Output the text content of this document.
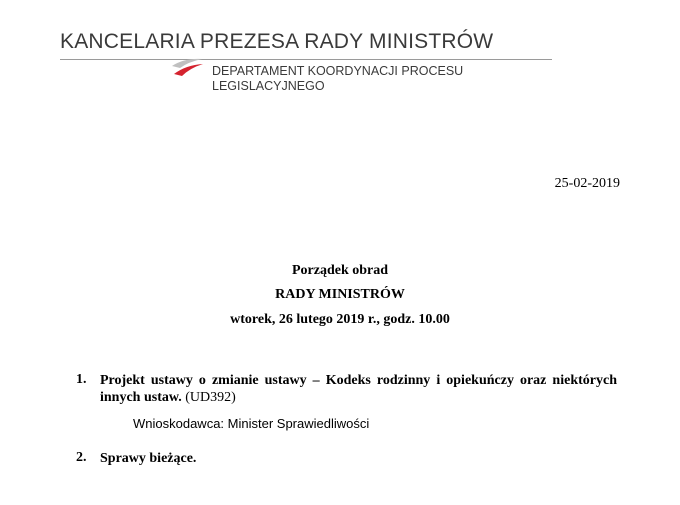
KANCELARIA PREZESA RADY MINISTRÓW
DEPARTAMENT KOORDYNACJI PROCESU
LEGISLACYJNEGO
25-02-2019
Porządek obrad
RADY MINISTRÓW
wtorek, 26 lutego 2019 r., godz. 10.00
1. Projekt ustawy o zmianie ustawy – Kodeks rodzinny i opiekuńczy oraz niektórych
innych ustaw. (UD392)
Wnioskodawca: Minister Sprawiedliwości
2. Sprawy bieżące.
